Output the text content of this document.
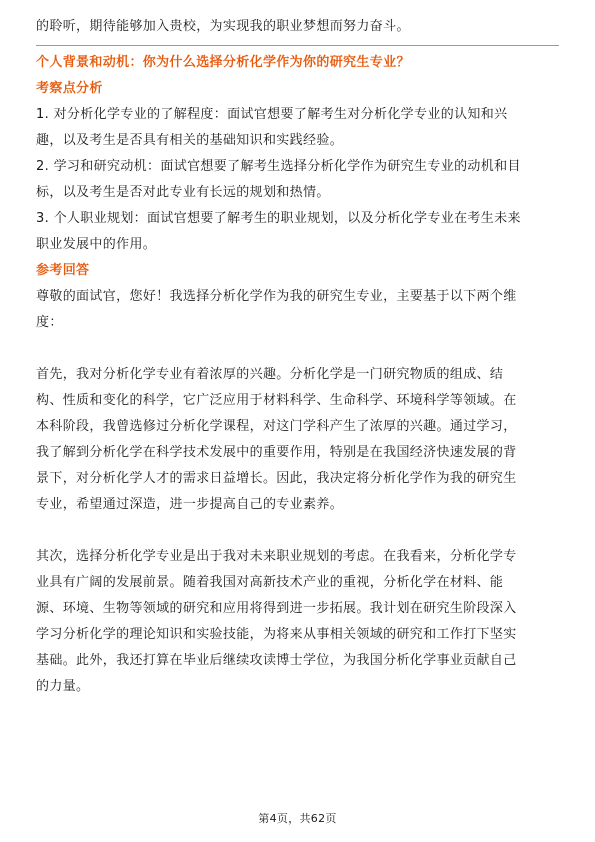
的聆听，期待能够加入贵校，为实现我的职业梦想而努力奋斗。
个人背景和动机：你为什么选择分析化学作为你的研究生专业？
考察点分析
1. 对分析化学专业的了解程度：面试官想要了解考生对分析化学专业的认知和兴
趣，以及考生是否具有相关的基础知识和实践经验。
2. 学习和研究动机：面试官想要了解考生选择分析化学作为研究生专业的动机和目
标，以及考生是否对此专业有长远的规划和热情。
3. 个人职业规划：面试官想要了解考生的职业规划，以及分析化学专业在考生未来
职业发展中的作用。
参考回答
尊敬的面试官，您好！我选择分析化学作为我的研究生专业，主要基于以下两个维
度：
首先，我对分析化学专业有着浓厚的兴趣。分析化学是一门研究物质的组成、结
构、性质和变化的科学，它广泛应用于材料科学、生命科学、环境科学等领域。在
本科阶段，我曾选修过分析化学课程，对这门学科产生了浓厚的兴趣。通过学习，
我了解到分析化学在科学技术发展中的重要作用，特别是在我国经济快速发展的背
景下，对分析化学人才的需求日益增长。因此，我决定将分析化学作为我的研究生
专业，希望通过深造，进一步提高自己的专业素养。
其次，选择分析化学专业是出于我对未来职业规划的考虑。在我看来，分析化学专
业具有广阔的发展前景。随着我国对高新技术产业的重视，分析化学在材料、能
源、环境、生物等领域的研究和应用将得到进一步拓展。我计划在研究生阶段深入
学习分析化学的理论知识和实验技能，为将来从事相关领域的研究和工作打下坚实
基础。此外，我还打算在毕业后继续攻读博士学位，为我国分析化学事业贡献自己
的力量。
第4页，共62页
